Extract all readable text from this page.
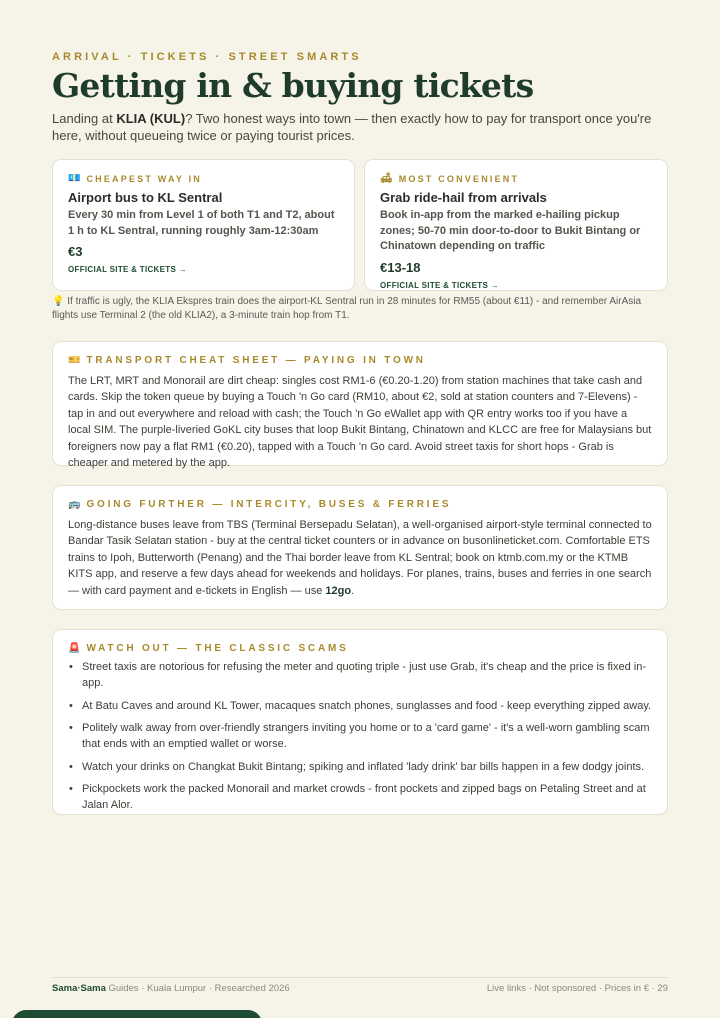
ARRIVAL · TICKETS · STREET SMARTS
Getting in & buying tickets

Landing at KLIA (KUL)? Two honest ways into town — then exactly how to pay for transport once you're here, without queueing twice or paying tourist prices.

💶 CHEAPEST WAY IN
Airport bus to KL Sentral
Every 30 min from Level 1 of both T1 and T2, about 1 h to KL Sentral, running roughly 3am-12:30am
€3
OFFICIAL SITE & TICKETS →
🛋 MOST CONVENIENT
Grab ride-hail from arrivals
Book in-app from the marked e-hailing pickup zones; 50-70 min door-to-door to Bukit Bintang or Chinatown depending on traffic
€13-18
OFFICIAL SITE & TICKETS →

💡 If traffic is ugly, the KLIA Ekspres train does the airport-KL Sentral run in 28 minutes for RM55 (about €11) - and remember AirAsia flights use Terminal 2 (the old KLIA2), a 3-minute train hop from T1.

🎫 TRANSPORT CHEAT SHEET — PAYING IN TOWN

The LRT, MRT and Monorail are dirt cheap: singles cost RM1-6 (€0.20-1.20) from station machines that take cash and cards. Skip the token queue by buying a Touch 'n Go card (RM10, about €2, sold at station counters and 7-Elevens) - tap in and out everywhere and reload with cash; the Touch 'n Go eWallet app with QR entry works too if you have a local SIM. The purple-liveried GoKL city buses that loop Bukit Bintang, Chinatown and KLCC are free for Malaysians but foreigners now pay a flat RM1 (€0.20), tapped with a Touch 'n Go card. Avoid street taxis for short hops - Grab is cheaper and metered by the app.

🚌 GOING FURTHER — INTERCITY, BUSES & FERRIES

Long-distance buses leave from TBS (Terminal Bersepadu Selatan), a well-organised airport-style terminal connected to Bandar Tasik Selatan station - buy at the central ticket counters or in advance on busonlineticket.com. Comfortable ETS trains to Ipoh, Butterworth (Penang) and the Thai border leave from KL Sentral; book on ktmb.com.my or the KTMB KITS app, and reserve a few days ahead for weekends and holidays. For planes, trains, buses and ferries in one search — with card payment and e-tickets in English — use 12go.

🚨 WATCH OUT — THE CLASSIC SCAMS
• Street taxis are notorious for refusing the meter and quoting triple - just use Grab, it's cheap and the price is fixed in-app.
• At Batu Caves and around KL Tower, macaques snatch phones, sunglasses and food - keep everything zipped away.
• Politely walk away from over-friendly strangers inviting you home or to a 'card game' - it's a well-worn gambling scam that ends with an emptied wallet or worse.
• Watch your drinks on Changkat Bukit Bintang; spiking and inflated 'lady drink' bar bills happen in a few dodgy joints.
• Pickpockets work the packed Monorail and market crowds - front pockets and zipped bags on Petaling Street and at Jalan Alor.
Sama·Sama Guides · Kuala Lumpur · Researched 2026	Live links · Not sponsored · Prices in € · 29
